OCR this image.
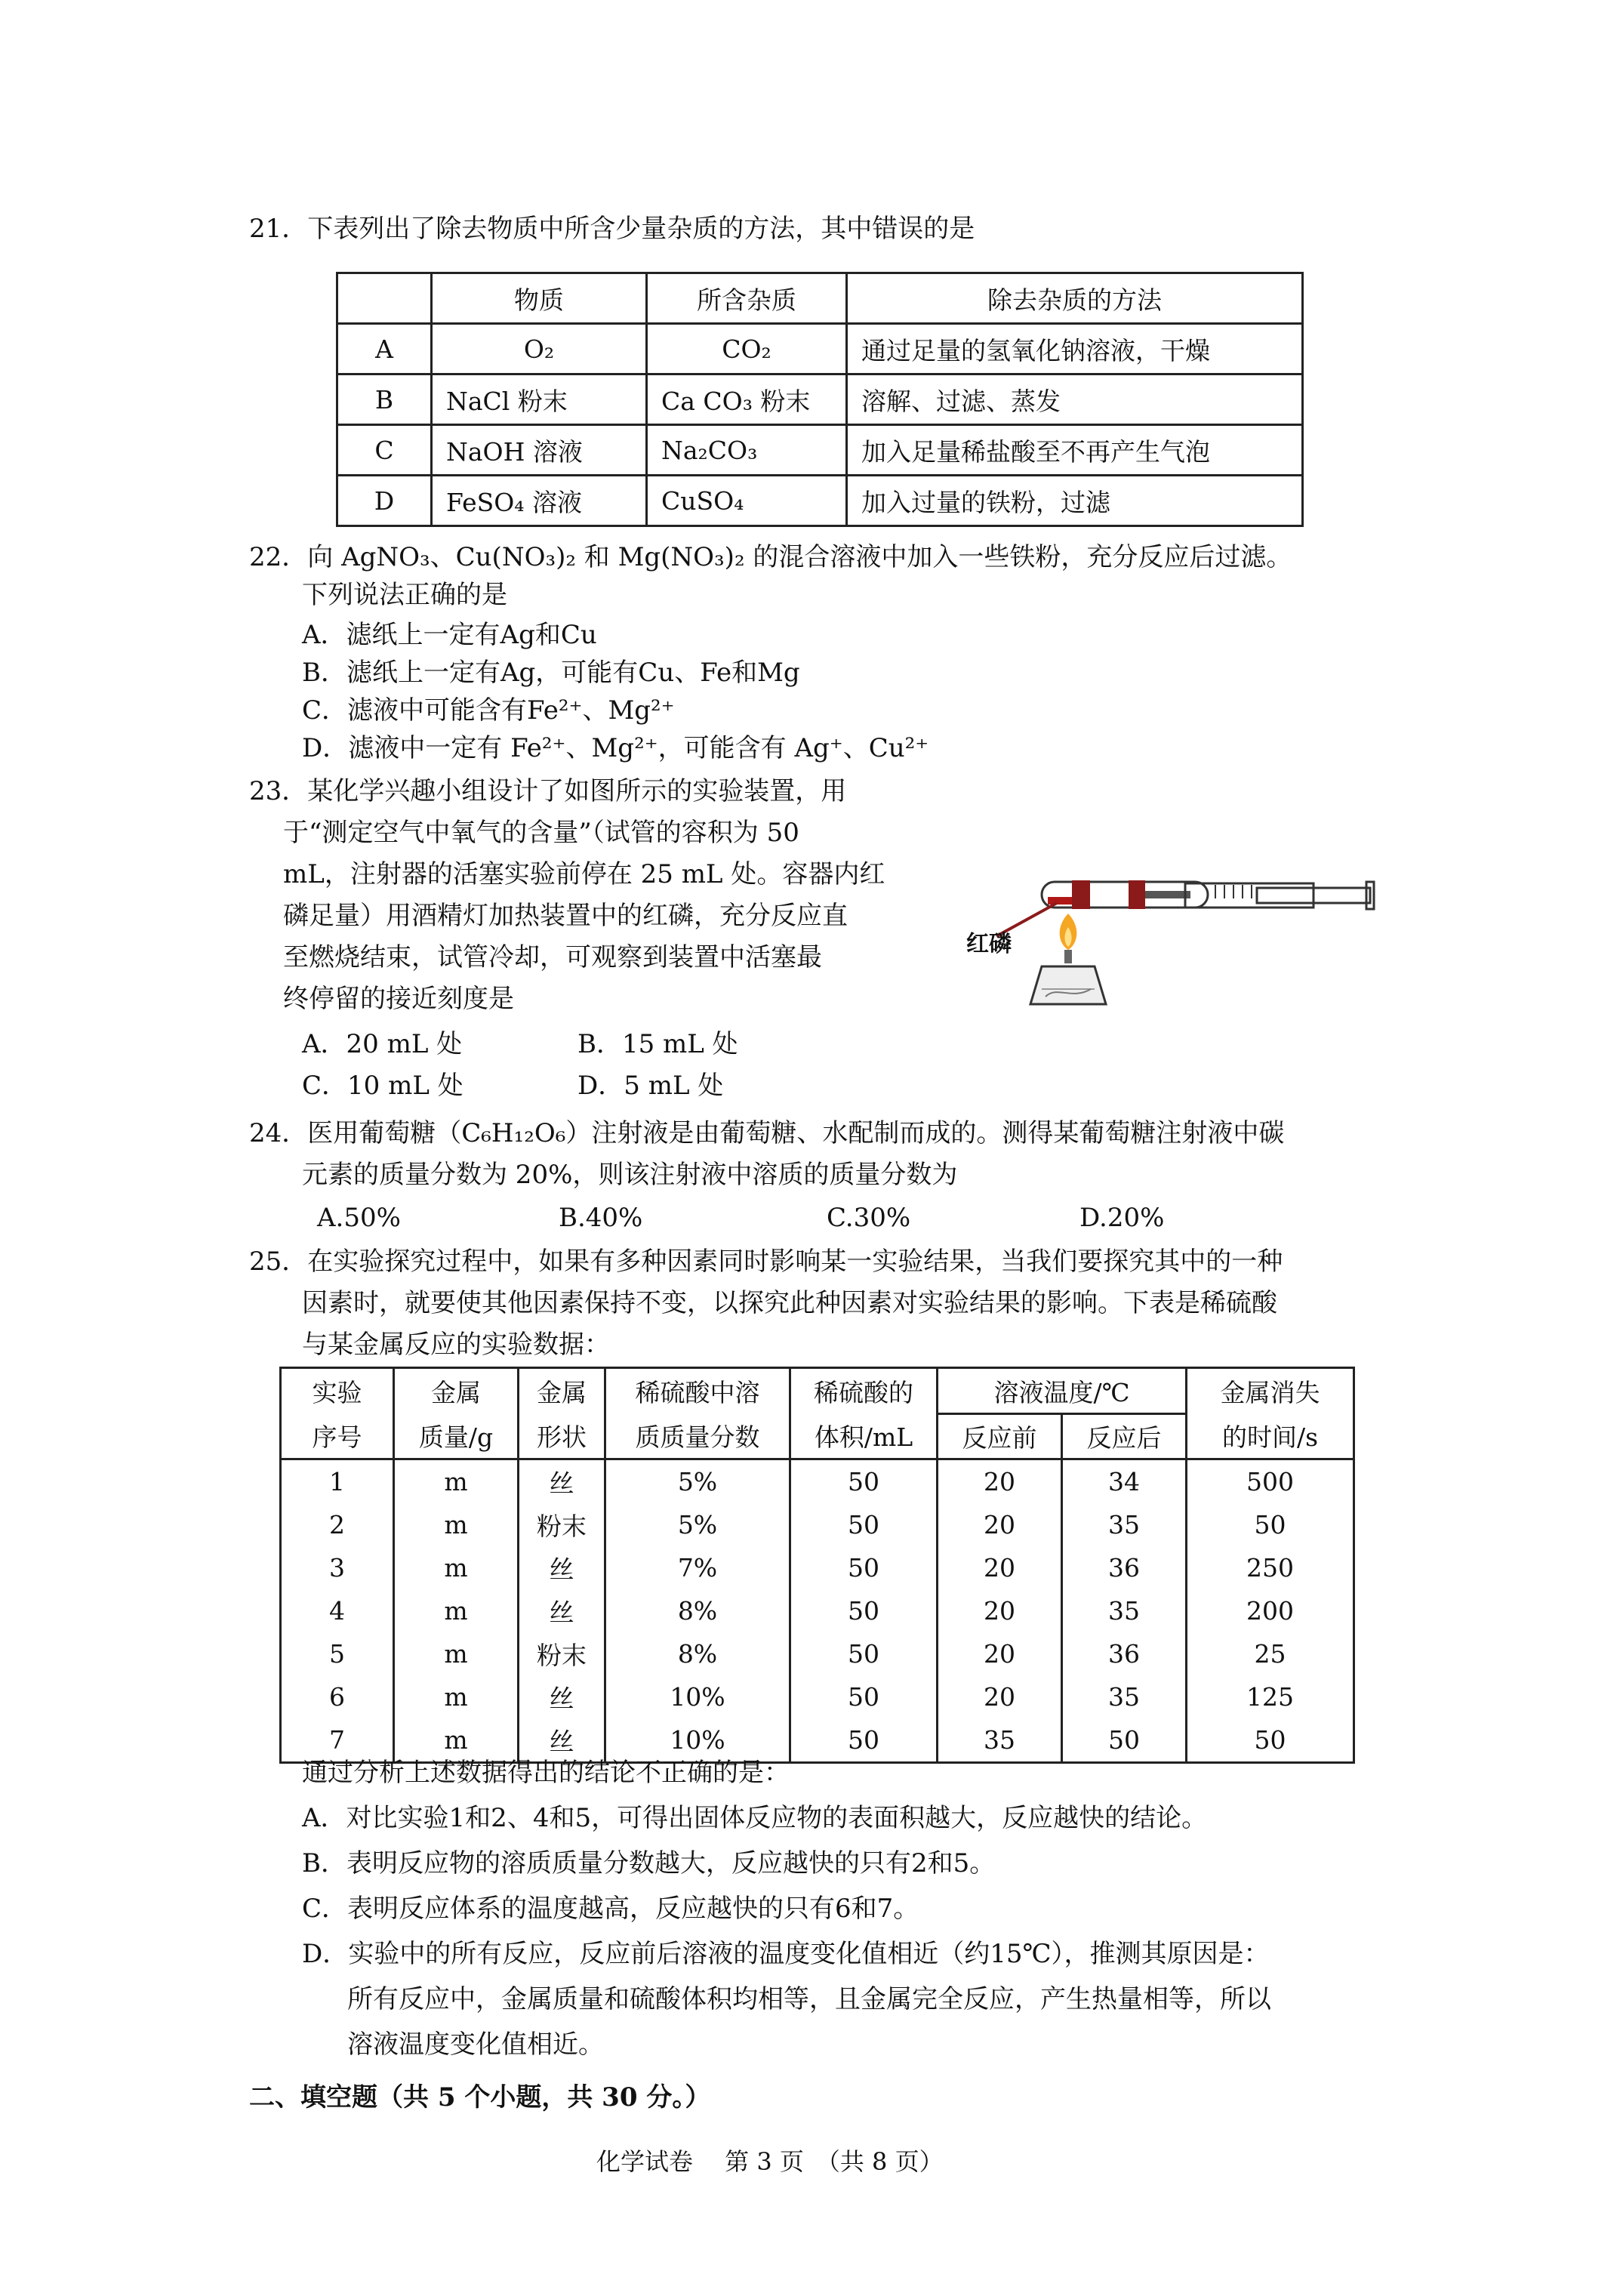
21．下表列出了除去物质中所含少量杂质的方法，其中错误的是
	物质	所含杂质	除去杂质的方法
A	O₂	CO₂	通过足量的氢氧化钠溶液，干燥
B	NaCl 粉末	Ca CO₃ 粉末	溶解、过滤、蒸发
C	NaOH 溶液	Na₂CO₃	加入足量稀盐酸至不再产生气泡
D	FeSO₄ 溶液	CuSO₄	加入过量的铁粉，过滤
22．向 AgNO₃、Cu(NO₃)₂ 和 Mg(NO₃)₂ 的混合溶液中加入一些铁粉，充分反应后过滤。
下列说法正确的是
A．滤纸上一定有Ag和Cu
B．滤纸上一定有Ag，可能有Cu、Fe和Mg
C．滤液中可能含有Fe²⁺、Mg²⁺
D．滤液中一定有 Fe²⁺、Mg²⁺，可能含有 Ag⁺、Cu²⁺
23．某化学兴趣小组设计了如图所示的实验装置，用
于“测定空气中氧气的含量”（试管的容积为 50
mL，注射器的活塞实验前停在 25 mL 处。容器内红
磷足量）用酒精灯加热装置中的红磷，充分反应直
至燃烧结束，试管冷却，可观察到装置中活塞最
终停留的接近刻度是
红磷
A．20 mL 处	B．15 mL 处
C．10 mL 处	D．5 mL 处
24．医用葡萄糖（C₆H₁₂O₆）注射液是由葡萄糖、水配制而成的。测得某葡萄糖注射液中碳
元素的质量分数为 20%，则该注射液中溶质的质量分数为
A.50%	B.40%	C.30%	D.20%
25．在实验探究过程中，如果有多种因素同时影响某一实验结果，当我们要探究其中的一种
因素时，就要使其他因素保持不变，以探究此种因素对实验结果的影响。下表是稀硫酸
与某金属反应的实验数据：
实验	金属	金属	稀硫酸中溶	稀硫酸的	溶液温度/℃		金属消失
序号	质量/g	形状	质质量分数	体积/mL	反应前	反应后	的时间/s
1	m	丝	5%	50	20	34	500
2	m	粉末	5%	50	20	35	50
3	m	丝	7%	50	20	36	250
4	m	丝	8%	50	20	35	200
5	m	粉末	8%	50	20	36	25
6	m	丝	10%	50	20	35	125
7	m	丝	10%	50	35	50	50
通过分析上述数据得出的结论不正确的是：
A．对比实验1和2、4和5，可得出固体反应物的表面积越大，反应越快的结论。
B．表明反应物的溶质质量分数越大，反应越快的只有2和5。
C．表明反应体系的温度越高，反应越快的只有6和7。
D．实验中的所有反应，反应前后溶液的温度变化值相近（约15℃），推测其原因是：
所有反应中，金属质量和硫酸体积均相等，且金属完全反应，产生热量相等，所以
溶液温度变化值相近。
二、填空题（共 5 个小题，共 30 分。）
化学试卷　 第 3 页　（共 8 页）
